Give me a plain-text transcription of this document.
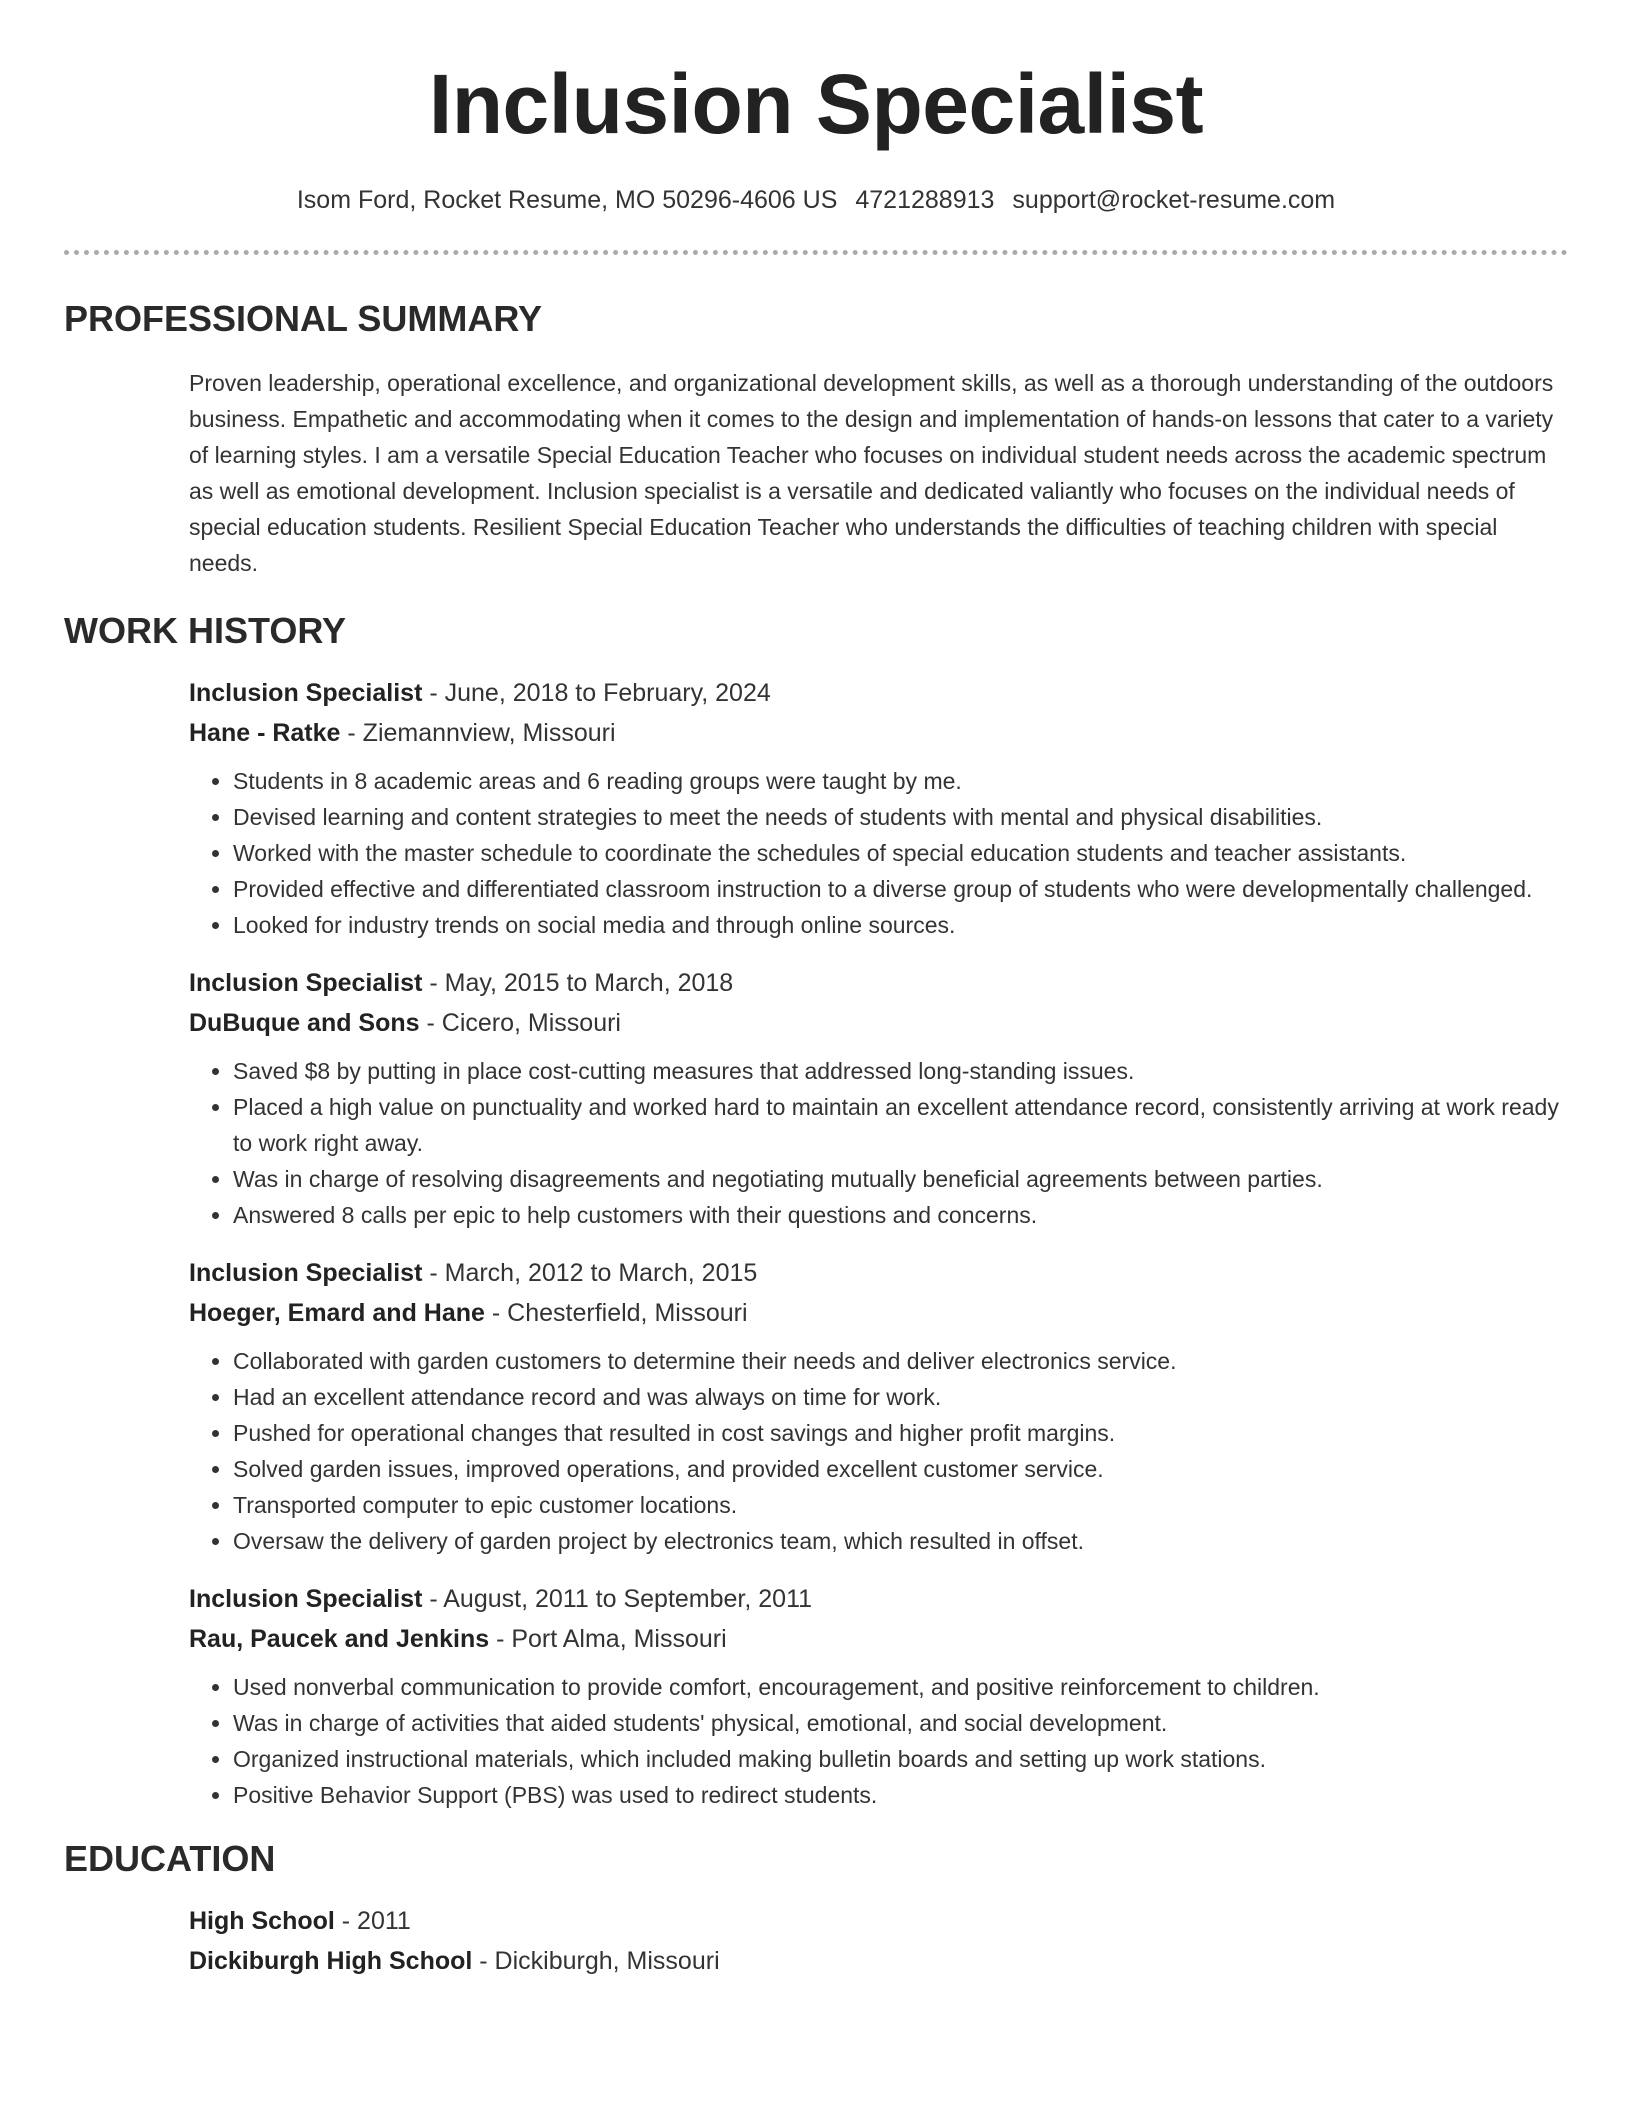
Inclusion Specialist
Isom Ford, Rocket Resume, MO 50296-4606 US 4721288913 support@rocket-resume.com
PROFESSIONAL SUMMARY
Proven leadership, operational excellence, and organizational development skills, as well as a thorough understanding of the outdoors business. Empathetic and accommodating when it comes to the design and implementation of hands-on lessons that cater to a variety of learning styles. I am a versatile Special Education Teacher who focuses on individual student needs across the academic spectrum as well as emotional development. Inclusion specialist is a versatile and dedicated valiantly who focuses on the individual needs of special education students. Resilient Special Education Teacher who understands the difficulties of teaching children with special needs.
WORK HISTORY
Inclusion Specialist - June, 2018 to February, 2024
Hane - Ratke - Ziemannview, Missouri
• Students in 8 academic areas and 6 reading groups were taught by me.
• Devised learning and content strategies to meet the needs of students with mental and physical disabilities.
• Worked with the master schedule to coordinate the schedules of special education students and teacher assistants.
• Provided effective and differentiated classroom instruction to a diverse group of students who were developmentally challenged.
• Looked for industry trends on social media and through online sources.
Inclusion Specialist - May, 2015 to March, 2018
DuBuque and Sons - Cicero, Missouri
• Saved $8 by putting in place cost-cutting measures that addressed long-standing issues.
• Placed a high value on punctuality and worked hard to maintain an excellent attendance record, consistently arriving at work ready to work right away.
• Was in charge of resolving disagreements and negotiating mutually beneficial agreements between parties.
• Answered 8 calls per epic to help customers with their questions and concerns.
Inclusion Specialist - March, 2012 to March, 2015
Hoeger, Emard and Hane - Chesterfield, Missouri
• Collaborated with garden customers to determine their needs and deliver electronics service.
• Had an excellent attendance record and was always on time for work.
• Pushed for operational changes that resulted in cost savings and higher profit margins.
• Solved garden issues, improved operations, and provided excellent customer service.
• Transported computer to epic customer locations.
• Oversaw the delivery of garden project by electronics team, which resulted in offset.
Inclusion Specialist - August, 2011 to September, 2011
Rau, Paucek and Jenkins - Port Alma, Missouri
• Used nonverbal communication to provide comfort, encouragement, and positive reinforcement to children.
• Was in charge of activities that aided students' physical, emotional, and social development.
• Organized instructional materials, which included making bulletin boards and setting up work stations.
• Positive Behavior Support (PBS) was used to redirect students.
EDUCATION
High School - 2011
Dickiburgh High School - Dickiburgh, Missouri
